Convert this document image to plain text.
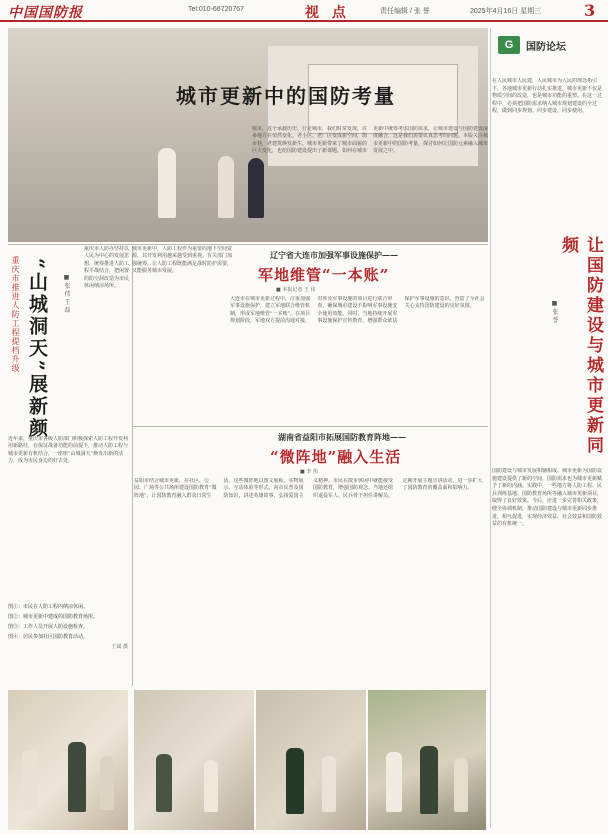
中国国防报	Tel:010-66720767	视 点	责任编辑 / 张 誉	2025年4月16日 星期三	3
城市更新中的国防考量
城市，这个承载历史、行走城市，我们时常发现，许多地方在悄然变化。老小区、老厂区变成新空间，街市巷，老建筑焕发新生。城市更新带来了城市面貌的巨大变化，也给国防建设提出了新课题。如何在城市更新中统筹考虑国防需求，让城市建设与国防建设深度融合，这是我们需要认真思考的问题。本版关注城市更新中的国防考量，探讨如何让国防元素融入城市发展之中。
G	国防论坛
在人民城市人民建，人民城市为人民的理念指引下，各地城市更新行动扎实推进。城市更新不仅是物质空间的改造，也是城市功能的重塑。在这一过程中，必须把国防需求纳入城市规划建设的全过程，做到同步规划、同步建设、同步使用。
让国防建设与城市更新同频
■ 张 誉
国防建设与城市发展相辅相成。城市更新为国防设施建设提供了新的空间，国防需求也为城市更新赋予了新的内涵。实践中，一些地方将人防工程、民兵训练基地、国防教育场所等融入城市更新项目，取得了良好效果。今后，应进一步完善相关政策，健全协调机制，推动国防建设与城市更新同步推进、相互促进，实现经济效益、社会效益和国防效益的有机统一。
重庆市推进人防工程提档升级 “山城洞天”展新颜	■ 张 伟 王 磊
重庆市人防办坚持以人民为中心的发展思想，统筹推进人防工程平战结合，把闲置的防空洞改造为市民休闲纳凉场所。
近年来，重庆市各级人防部门积极探索人防工程开发利用新路径，在保证战备功能的前提下，推动人防工程与城市更新有机结合，一座座“山城洞天”焕发出新的活力，成为市民身边的好去处。
图①：市民在人防工程内纳凉休闲。
图②：城市更新中建成的国防教育场所。
图③：工作人员开展人防设施检查。
图④：居民参加社区国防教育活动。
王斌 摄
城市更新中，人防工程作为重要的地下空间资源，其开发利用越来越受到重视。有关部门加强统筹，让人防工程既能满足战时防护需要，又能服务城市发展。
辽宁省大连市加强军事设施保护——
军地维管“一本账”
■ 本报记者 王 伟
大连市在城市更新过程中，注重加强军事设施保护，建立军地联合维管机制，形成军地维管“一本账”。在项目规划阶段，军地双方提前沟通对接，对涉及军事设施的项目进行联合审查，确保城市建设不影响军事设施安全使用效能。同时，当地持续开展军事设施保护宣传教育，增强群众依法保护军事设施的意识，营造了全社会关心支持国防建设的良好氛围。
湖南省益阳市拓展国防教育阵地——
“微阵地”融入生活
■ 李 伟
益阳市结合城市更新，在社区、公园、广场等公共场所建设国防教育“微阵地”，让国防教育融入群众日常生活。这些微阵地以图文展板、实物展示、互动体验等形式，向市民普及国防知识，讲述英雄故事，弘扬爱国主义精神。市民在散步休闲中就能接受国防教育，增强国防观念。当地还组织退役军人、民兵骨干担任讲解员，定期开展主题宣讲活动，进一步扩大了国防教育的覆盖面和影响力。
